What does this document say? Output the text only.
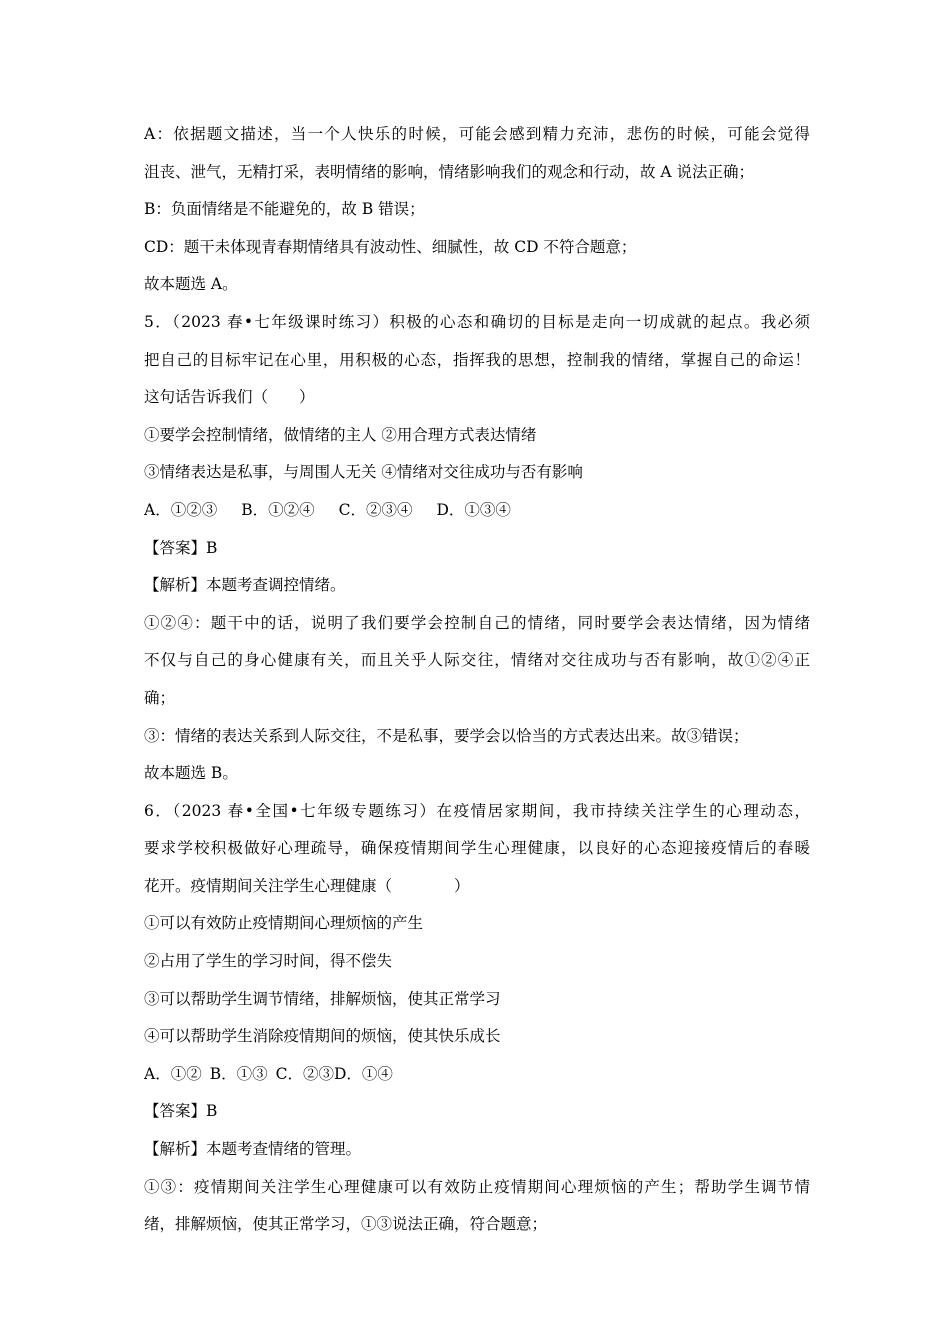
A：依据题文描述，当一个人快乐的时候，可能会感到精力充沛，悲伤的时候，可能会觉得
沮丧、泄气，无精打采，表明情绪的影响，情绪影响我们的观念和行动，故 A 说法正确；
B：负面情绪是不能避免的，故 B 错误；
CD：题干未体现青春期情绪具有波动性、细腻性，故 CD 不符合题意；
故本题选 A。
5．（2023 春•七年级课时练习）积极的心态和确切的目标是走向一切成就的起点。我必须
把自己的目标牢记在心里，用积极的心态，指挥我的思想，控制我的情绪，掌握自己的命运！
这句话告诉我们（　　）
①要学会控制情绪，做情绪的主人 ②用合理方式表达情绪
③情绪表达是私事，与周围人无关 ④情绪对交往成功与否有影响
A．①②③ B．①②④ C．②③④ D．①③④
【答案】B
【解析】本题考查调控情绪。
①②④：题干中的话，说明了我们要学会控制自己的情绪，同时要学会表达情绪，因为情绪
不仅与自己的身心健康有关，而且关乎人际交往，情绪对交往成功与否有影响，故①②④正
确；
③：情绪的表达关系到人际交往，不是私事，要学会以恰当的方式表达出来。故③错误；
故本题选 B。
6．（2023 春•全国•七年级专题练习）在疫情居家期间，我市持续关注学生的心理动态，
要求学校积极做好心理疏导，确保疫情期间学生心理健康，以良好的心态迎接疫情后的春暖
花开。疫情期间关注学生心理健康（　　　　）
①可以有效防止疫情期间心理烦恼的产生
②占用了学生的学习时间，得不偿失
③可以帮助学生调节情绪，排解烦恼，使其正常学习
④可以帮助学生消除疫情期间的烦恼，使其快乐成长
A．①② B．①③ C．②③D．①④
【答案】B
【解析】本题考查情绪的管理。
①③：疫情期间关注学生心理健康可以有效防止疫情期间心理烦恼的产生；帮助学生调节情
绪，排解烦恼，使其正常学习，①③说法正确，符合题意；
